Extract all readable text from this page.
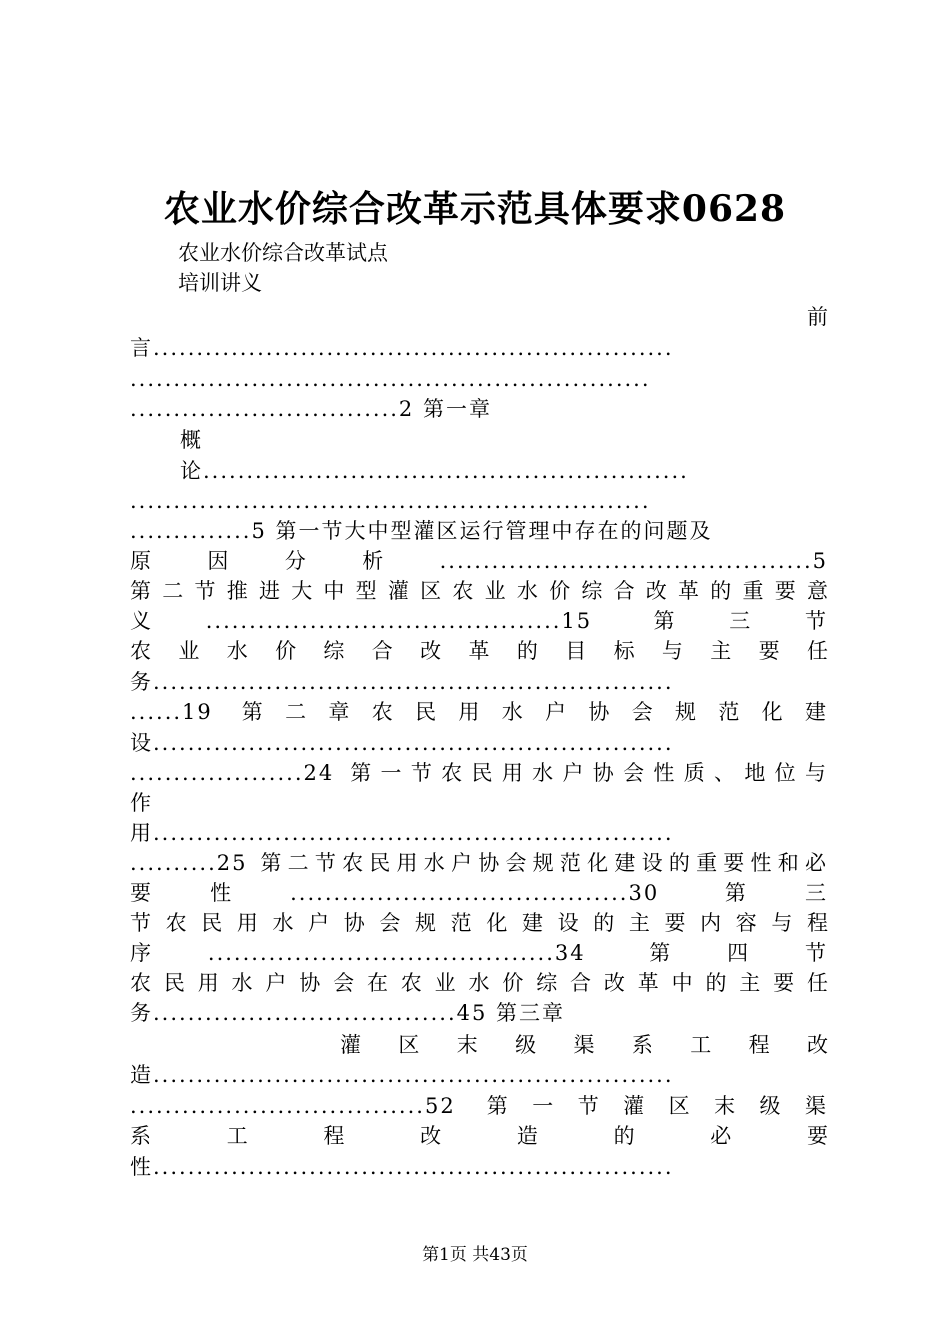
农业水价综合改革示范具体要求0628
农业水价综合改革试点
培训讲义
前
言............................................................
............................................................
...............................2 第一章
概
论........................................................
............................................................
..............5 第一节大中型灌区运行管理中存在的问题及
原因分析...........................................5
第二节推进大中型灌区农业水价综合改革的重要意
义.........................................15 第三节
农业水价综合改革的目标与主要任
务............................................................
......19 第二章农民用水户协会规范化建
设............................................................
....................24 第一节农民用水户协会性质、地位与
作
用............................................................
..........25 第二节农民用水户协会规范化建设的重要性和必
要性.......................................30 第三
节农民用水户协会规范化建设的主要内容与程
序........................................34 第四节
农民用水户协会在农业水价综合改革中的主要任
务...................................45 第三章
灌区末级渠系工程改
造............................................................
..................................52 第一节灌区末级渠
系工程改造的必要
性............................................................
第1页 共43页
